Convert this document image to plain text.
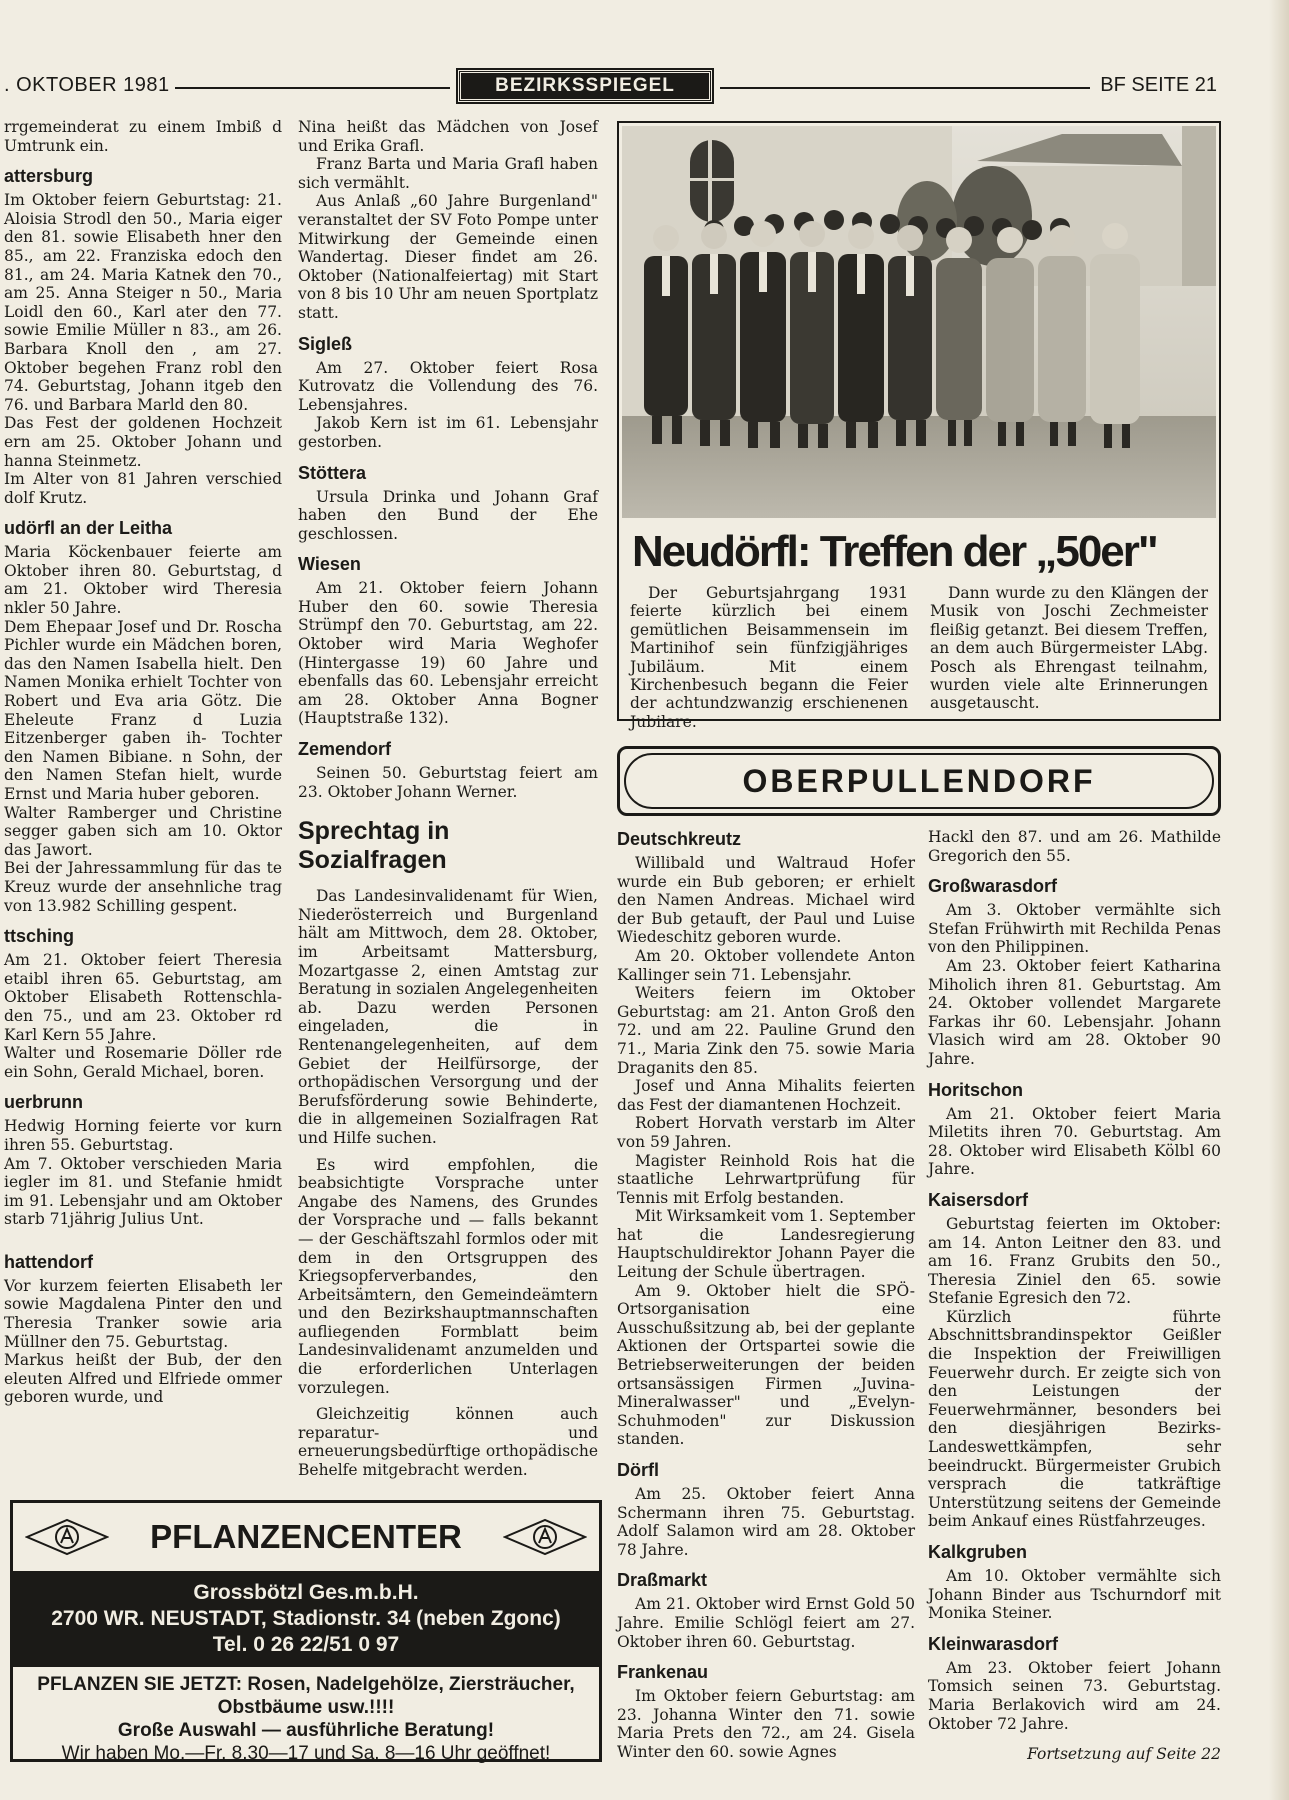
. OKTOBER 1981	BEZIRKSSPIEGEL	BF SEITE 21

rrgemeinderat zu einem Imbiß d Umtrunk ein.

attersburg

Im Oktober feiern Geburtstag: 21. Aloisia Strodl den 50., Maria eiger den 81. sowie Elisabeth hner den 85., am 22. Franziska edoch den 81., am 24. Maria Katnek den 70., am 25. Anna Steiger n 50., Maria Loidl den 60., Karl ater den 77. sowie Emilie Müller n 83., am 26. Barbara Knoll den , am 27. Oktober begehen Franz robl den 74. Geburtstag, Johann itgeb den 76. und Barbara Marld den 80.

Das Fest der goldenen Hochzeit ern am 25. Oktober Johann und hanna Steinmetz.

Im Alter von 81 Jahren verschied dolf Krutz.

udörfl an der Leitha

Maria Köckenbauer feierte am Oktober ihren 80. Geburtstag, d am 21. Oktober wird Theresia nkler 50 Jahre.

Dem Ehepaar Josef und Dr. Roscha Pichler wurde ein Mädchen boren, das den Namen Isabella hielt. Den Namen Monika erhielt Tochter von Robert und Eva aria Götz. Die Eheleute Franz d Luzia Eitzenberger gaben ih- Tochter den Namen Bibiane. n Sohn, der den Namen Stefan hielt, wurde Ernst und Maria huber geboren.

Walter Ramberger und Christine segger gaben sich am 10. Oktor das Jawort.

Bei der Jahressammlung für das te Kreuz wurde der ansehnliche trag von 13.982 Schilling gespent.

ttsching

Am 21. Oktober feiert Theresia etaibl ihren 65. Geburtstag, am Oktober Elisabeth Rottenschla- den 75., und am 23. Oktober rd Karl Kern 55 Jahre.

Walter und Rosemarie Döller rde ein Sohn, Gerald Michael, boren.

uerbrunn

Hedwig Horning feierte vor kurn ihren 55. Geburtstag.

Am 7. Oktober verschieden Maria iegler im 81. und Stefanie hmidt im 91. Lebensjahr und am Oktober starb 71jährig Julius Unt.

hattendorf

Vor kurzem feierten Elisabeth ler sowie Magdalena Pinter den und Theresia Tranker sowie aria Müllner den 75. Geburtstag.

Markus heißt der Bub, der den eleuten Alfred und Elfriede ommer geboren wurde, und

Nina heißt das Mädchen von Josef und Erika Grafl.

Franz Barta und Maria Grafl haben sich vermählt.

Aus Anlaß „60 Jahre Burgenland" veranstaltet der SV Foto Pompe unter Mitwirkung der Gemeinde einen Wandertag. Dieser findet am 26. Oktober (Nationalfeiertag) mit Start von 8 bis 10 Uhr am neuen Sportplatz statt.

Sigleß

Am 27. Oktober feiert Rosa Kutrovatz die Vollendung des 76. Lebensjahres.

Jakob Kern ist im 61. Lebensjahr gestorben.

Stöttera

Ursula Drinka und Johann Graf haben den Bund der Ehe geschlossen.

Wiesen

Am 21. Oktober feiern Johann Huber den 60. sowie Theresia Strümpf den 70. Geburtstag, am 22. Oktober wird Maria Weghofer (Hintergasse 19) 60 Jahre und ebenfalls das 60. Lebensjahr erreicht am 28. Oktober Anna Bogner (Hauptstraße 132).

Zemendorf

Seinen 50. Geburtstag feiert am 23. Oktober Johann Werner.

Sprechtag in Sozialfragen

Das Landesinvalidenamt für Wien, Niederösterreich und Burgenland hält am Mittwoch, dem 28. Oktober, im Arbeitsamt Mattersburg, Mozartgasse 2, einen Amtstag zur Beratung in sozialen Angelegenheiten ab. Dazu werden Personen eingeladen, die in Rentenangelegenheiten, auf dem Gebiet der Heilfürsorge, der orthopädischen Versorgung und der Berufsförderung sowie Behinderte, die in allgemeinen Sozialfragen Rat und Hilfe suchen.

Es wird empfohlen, die beabsichtigte Vorsprache unter Angabe des Namens, des Grundes der Vorsprache und — falls bekannt — der Geschäftszahl formlos oder mit dem in den Ortsgruppen des Kriegsopferverbandes, den Arbeitsämtern, den Gemeindeämtern und den Bezirkshauptmannschaften aufliegenden Formblatt beim Landesinvalidenamt anzumelden und die erforderlichen Unterlagen vorzulegen.

Gleichzeitig können auch reparatur- und erneuerungsbedürftige orthopädische Behelfe mitgebracht werden.

Neudörfl: Treffen der „50er"

Der Geburtsjahrgang 1931 feierte kürzlich bei einem gemütlichen Beisammensein im Martinihof sein fünfzigjähriges Jubiläum. Mit einem Kirchenbesuch begann die Feier der achtundzwanzig erschienenen Jubilare.

Dann wurde zu den Klängen der Musik von Joschi Zechmeister fleißig getanzt. Bei diesem Treffen, an dem auch Bürgermeister LAbg. Posch als Ehrengast teilnahm, wurden viele alte Erinnerungen ausgetauscht.

OBERPULLENDORF
Deutschkreutz

Willibald und Waltraud Hofer wurde ein Bub geboren; er erhielt den Namen Andreas. Michael wird der Bub getauft, der Paul und Luise Wiedeschitz geboren wurde.

Am 20. Oktober vollendete Anton Kallinger sein 71. Lebensjahr.

Weiters feiern im Oktober Geburtstag: am 21. Anton Groß den 72. und am 22. Pauline Grund den 71., Maria Zink den 75. sowie Maria Draganits den 85.

Josef und Anna Mihalits feierten das Fest der diamantenen Hochzeit.

Robert Horvath verstarb im Alter von 59 Jahren.

Magister Reinhold Rois hat die staatliche Lehrwartprüfung für Tennis mit Erfolg bestanden.

Mit Wirksamkeit vom 1. September hat die Landesregierung Hauptschuldirektor Johann Payer die Leitung der Schule übertragen.

Am 9. Oktober hielt die SPÖ-Ortsorganisation eine Ausschußsitzung ab, bei der geplante Aktionen der Ortspartei sowie die Betriebserweiterungen der beiden ortsansässigen Firmen „Juvina-Mineralwasser" und „Evelyn-Schuhmoden" zur Diskussion standen.

Dörfl

Am 25. Oktober feiert Anna Schermann ihren 75. Geburtstag. Adolf Salamon wird am 28. Oktober 78 Jahre.

Draßmarkt

Am 21. Oktober wird Ernst Gold 50 Jahre. Emilie Schlögl feiert am 27. Oktober ihren 60. Geburtstag.

Frankenau

Im Oktober feiern Geburtstag: am 23. Johanna Winter den 71. sowie Maria Prets den 72., am 24. Gisela Winter den 60. sowie Agnes

Hackl den 87. und am 26. Mathilde Gregorich den 55.

Großwarasdorf

Am 3. Oktober vermählte sich Stefan Frühwirth mit Rechilda Penas von den Philippinen.

Am 23. Oktober feiert Katharina Miholich ihren 81. Geburtstag. Am 24. Oktober vollendet Margarete Farkas ihr 60. Lebensjahr. Johann Vlasich wird am 28. Oktober 90 Jahre.

Horitschon

Am 21. Oktober feiert Maria Miletits ihren 70. Geburtstag. Am 28. Oktober wird Elisabeth Kölbl 60 Jahre.

Kaisersdorf

Geburtstag feierten im Oktober: am 14. Anton Leitner den 83. und am 16. Franz Grubits den 50., Theresia Ziniel den 65. sowie Stefanie Egresich den 72.

Kürzlich führte Abschnittsbrandinspektor Geißler die Inspektion der Freiwilligen Feuerwehr durch. Er zeigte sich von den Leistungen der Feuerwehrmänner, besonders bei den diesjährigen Bezirks-Landeswettkämpfen, sehr beeindruckt. Bürgermeister Grubich versprach die tatkräftige Unterstützung seitens der Gemeinde beim Ankauf eines Rüstfahrzeuges.

Kalkgruben

Am 10. Oktober vermählte sich Johann Binder aus Tschurndorf mit Monika Steiner.

Kleinwarasdorf

Am 23. Oktober feiert Johann Tomsich seinen 73. Geburtstag. Maria Berlakovich wird am 24. Oktober 72 Jahre.

Fortsetzung auf Seite 22
PFLANZENCENTER
Grossbötzl Ges.m.b.H.
2700 WR. NEUSTADT, Stadionstr. 34 (neben Zgonc)
Tel. 0 26 22/51 0 97
PFLANZEN SIE JETZT: Rosen, Nadelgehölze, Ziersträucher, Obstbäume usw.!!!!
Große Auswahl — ausführliche Beratung!
Wir haben Mo.—Fr. 8.30—17 und Sa. 8—16 Uhr geöffnet!
